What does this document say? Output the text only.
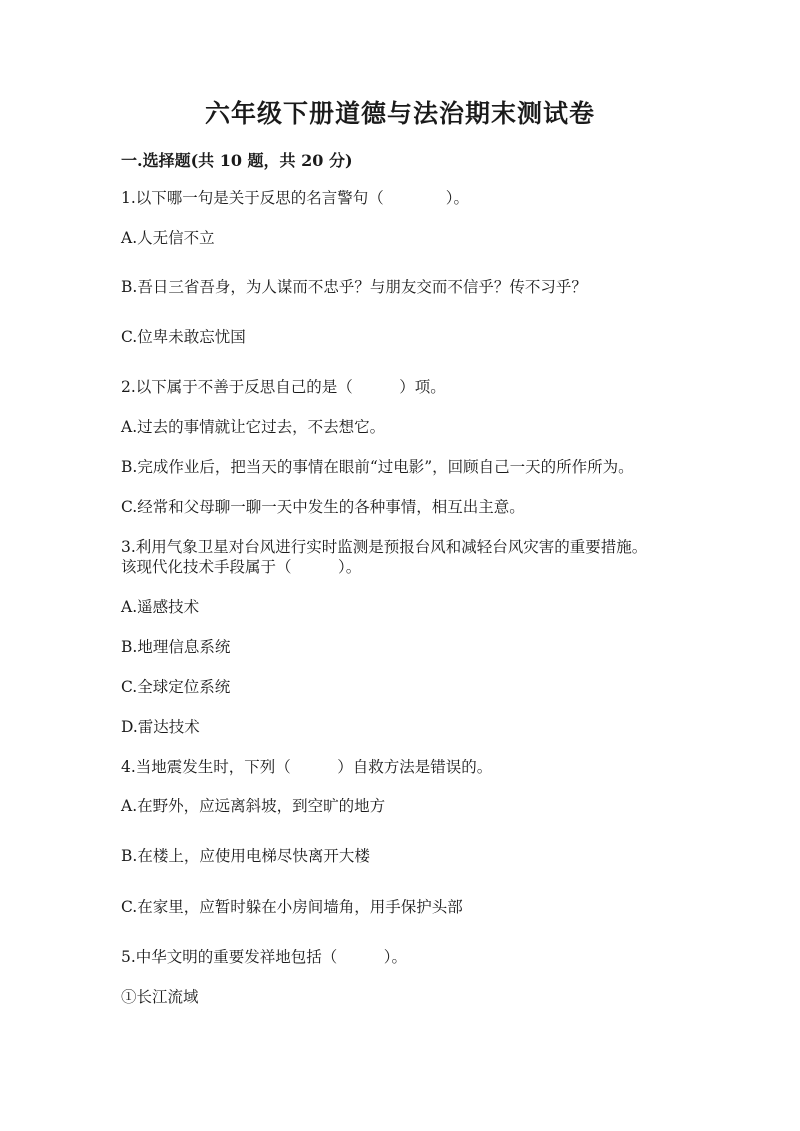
六年级下册道德与法治期末测试卷

一.选择题(共 10 题，共 20 分)

1.以下哪一句是关于反思的名言警句（　　　　）。

A.人无信不立

B.吾日三省吾身，为人谋而不忠乎？与朋友交而不信乎？传不习乎？

C.位卑未敢忘忧国

2.以下属于不善于反思自己的是（　　　）项。

A.过去的事情就让它过去，不去想它。

B.完成作业后，把当天的事情在眼前“过电影”，回顾自己一天的所作所为。

C.经常和父母聊一聊一天中发生的各种事情，相互出主意。

3.利用气象卫星对台风进行实时监测是预报台风和减轻台风灾害的重要措施。

该现代化技术手段属于（　　　）。

A.遥感技术

B.地理信息系统

C.全球定位系统

D.雷达技术

4.当地震发生时，下列（　　　）自救方法是错误的。

A.在野外，应远离斜坡，到空旷的地方

B.在楼上，应使用电梯尽快离开大楼

C.在家里，应暂时躲在小房间墙角，用手保护头部

5.中华文明的重要发祥地包括（　　　）。

①长江流域
